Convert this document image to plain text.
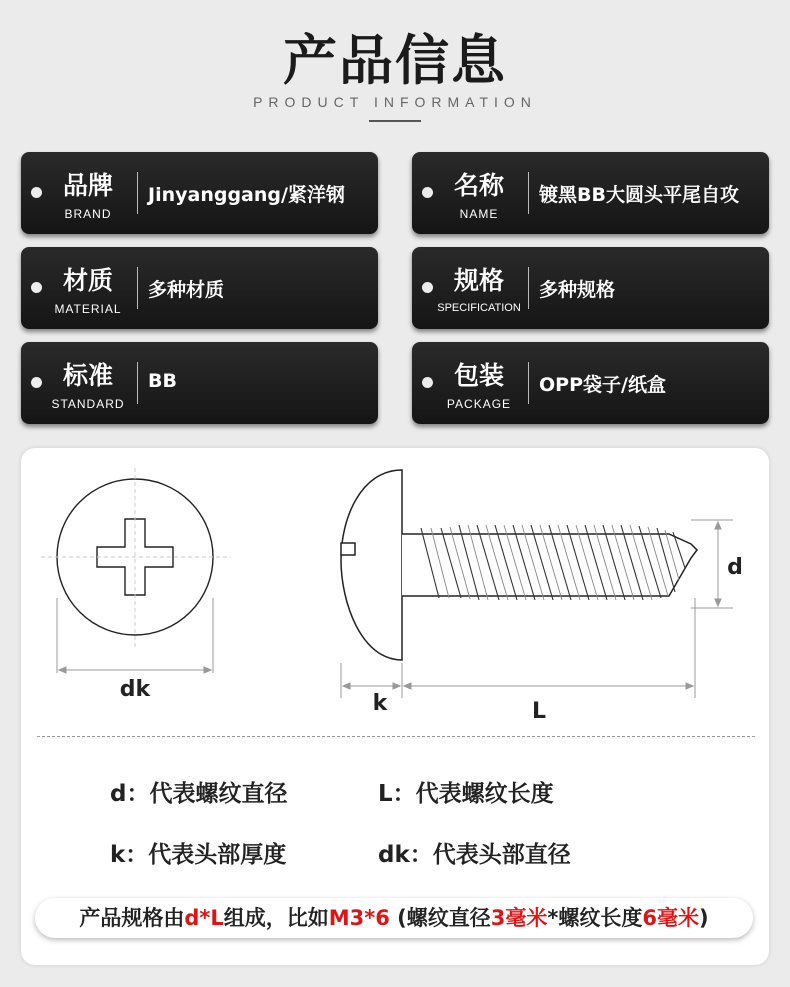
产品信息
PRODUCT INFORMATION
品牌
BRAND
Jinyanggang/紧洋钢	名称
NAME
镀黑BB大圆头平尾自攻
材质
MATERIAL
多种材质	规格
SPECIFICATION
多种规格
标准
STANDARD
BB	包装
PACKAGE
OPP袋子/纸盒
dk
d
k	L
d：代表螺纹直径	L：代表螺纹长度
k：代表头部厚度	dk：代表头部直径
产品规格由d*L组成，比如M3*6 (螺纹直径3毫米*螺纹长度6毫米)
